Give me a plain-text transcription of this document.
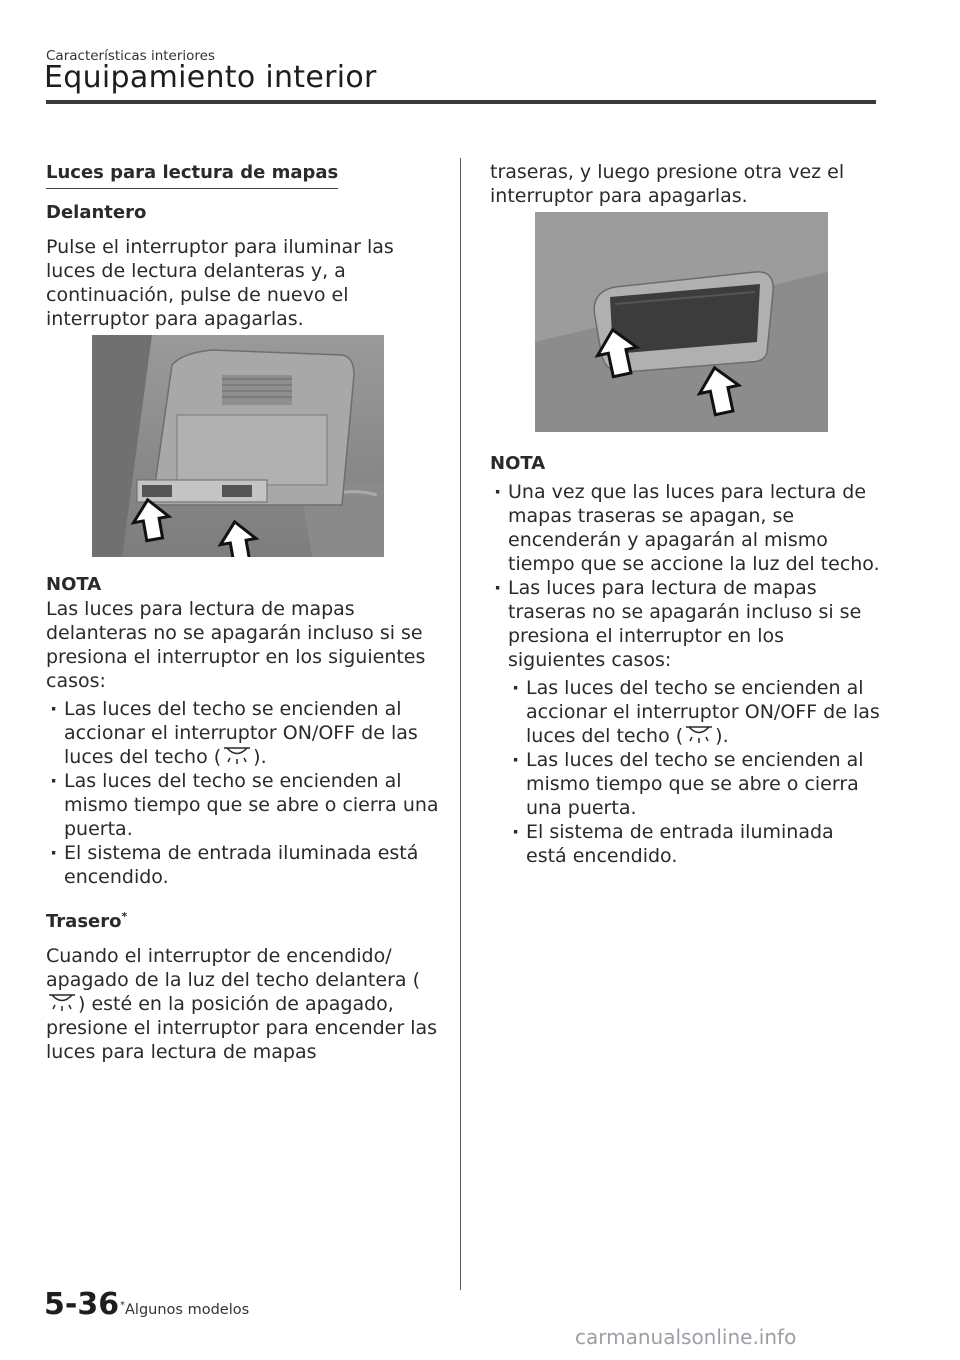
Características interiores
Equipamiento interior

Luces para lectura de mapas

Delantero

Pulse el interruptor para iluminar las luces de lectura delanteras y, a continuación, pulse de nuevo el interruptor para apagarlas.

NOTA

Las luces para lectura de mapas delanteras no se apagarán incluso si se presiona el interruptor en los siguientes casos:

· Las luces del techo se encienden al accionar el interruptor ON/OFF de las luces del techo ( ).
· Las luces del techo se encienden al mismo tiempo que se abre o cierra una puerta.
· El sistema de entrada iluminada está encendido.

Trasero*

Cuando el interruptor de encendido/ apagado de la luz del techo delantera () esté en la posición de apagado, presione el interruptor para encender las luces para lectura de mapas

traseras, y luego presione otra vez el interruptor para apagarlas.

NOTA

· Una vez que las luces para lectura de mapas traseras se apagan, se encenderán y apagarán al mismo tiempo que se accione la luz del techo.
· Las luces para lectura de mapas traseras no se apagarán incluso si se presiona el interruptor en los siguientes casos:
· Las luces del techo se encienden al accionar el interruptor ON/OFF de las luces del techo ( ).
· Las luces del techo se encienden al mismo tiempo que se abre o cierra una puerta.
· El sistema de entrada iluminada está encendido.
5-36 *Algunos modelos
carmanualsonline.info
